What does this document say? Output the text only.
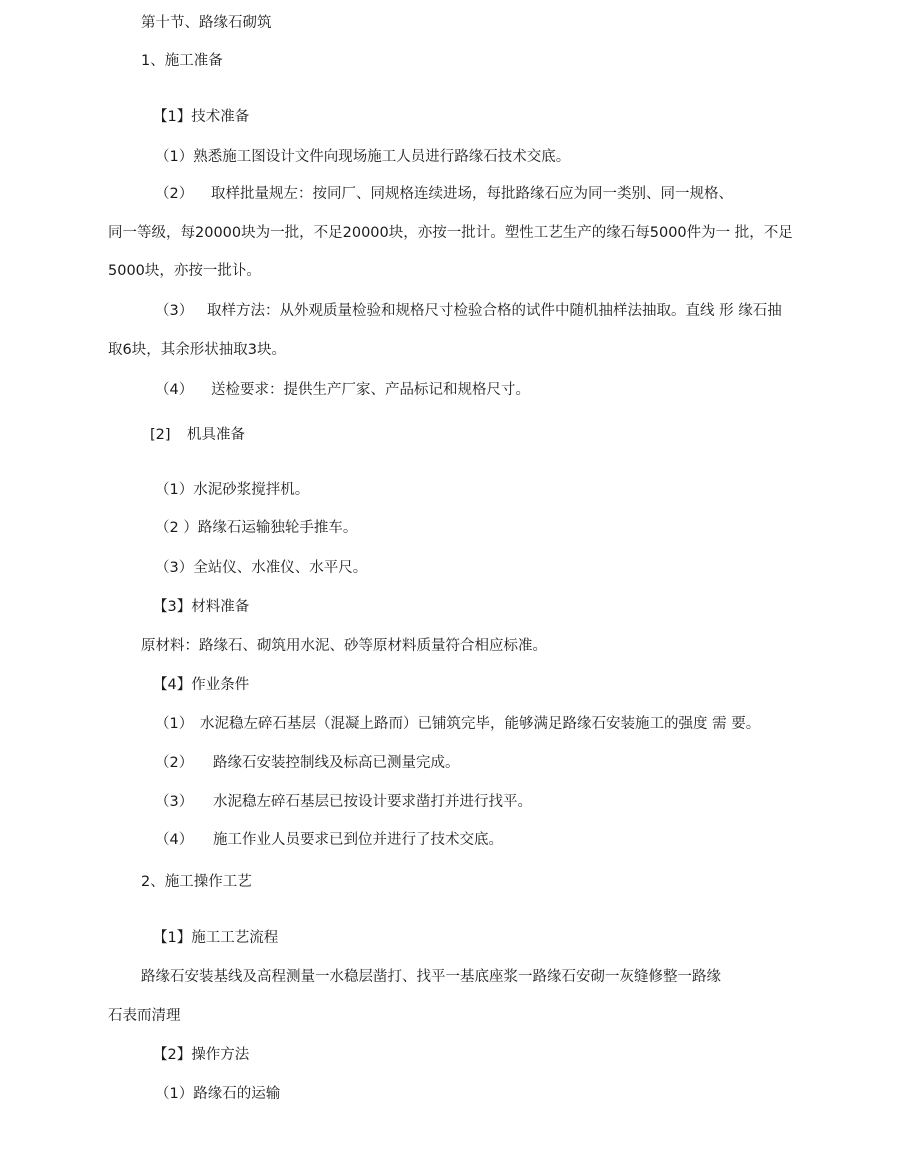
第十节、路缘石砌筑

1、施工准备

【1】技术准备

（1）熟悉施工图设计文件向现场施工人员进行路缘石技术交底。

（2） 取样批量规左：按同厂、同规格连续进场，每批路缘石应为同一类别、同一规格、

同一等级，每20000块为一批，不足20000块，亦按一批计。塑性工艺生产的缘石每5000件为一 批，不足

5000块，亦按一批讣。

（3） 取样方法：从外观质量检验和规格尺寸检验合格的试件中随机抽样法抽取。直线 形 缘石抽

取6块，其余形状抽取3块。

（4） 送检要求：提供生产厂家、产品标记和规格尺寸。

[2] 机具准备

（1）水泥砂浆搅拌机。

（2 ）路缘石运输独轮手推车。

（3）全站仪、水准仪、水平尺。

【3】材料准备

原材料：路缘石、砌筑用水泥、砂等原材料质量符合相应标准。

【4】作业条件

（1） 水泥稳左碎石基层（混凝上路而）已铺筑完毕，能够满足路缘石安装施工的强度 需 要。

（2） 路缘石安装控制线及标高已测量完成。

（3） 水泥稳左碎石基层已按设计要求凿打并进行找平。

（4） 施工作业人员要求已到位并进行了技术交底。

2、施工操作工艺

【1】施工工艺流程

路缘石安装基线及高程测量一水稳层凿打、找平一基底座浆一路缘石安砌一灰缝修整一路缘

石表而清理

【2】操作方法

（1）路缘石的运输
